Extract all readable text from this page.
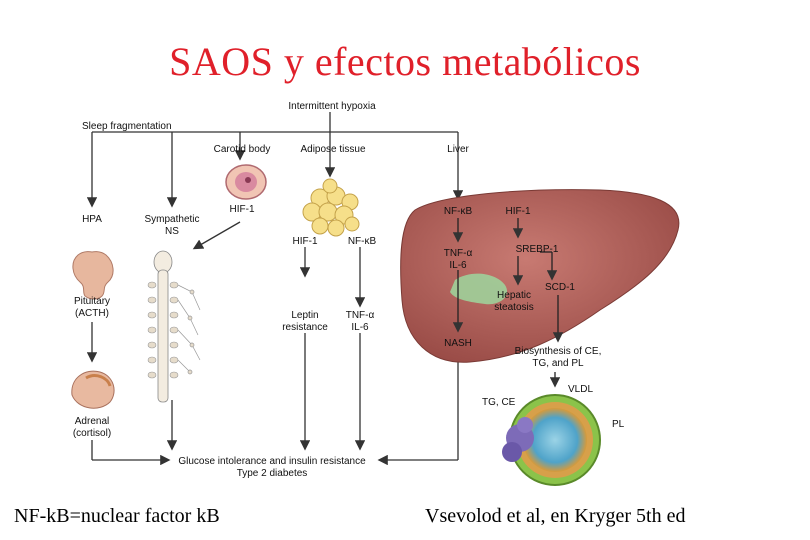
SAOS y efectos metabólicos
Intermittent hypoxia
Sleep fragmentation
Carotid body	Adipose tissue	Liver
HIF-1
HPA	Sympathetic
NS
HIF-1	NF-κB
Pituitary
(ACTH)	Leptin
resistance
TNF-α
IL-6
Adrenal
(cortisol)
Glucose intolerance and insulin resistance
Type 2 diabetes
NF-κB	HIF-1
TNF-α
IL-6
SREBP-1
SCD-1
Hepatic
steatosis
NASH
Biosynthesis of CE,
TG, and PL
VLDL
TG, CE
PL
NF-kB=nuclear factor kB	Vsevolod et al, en Kryger 5th ed
